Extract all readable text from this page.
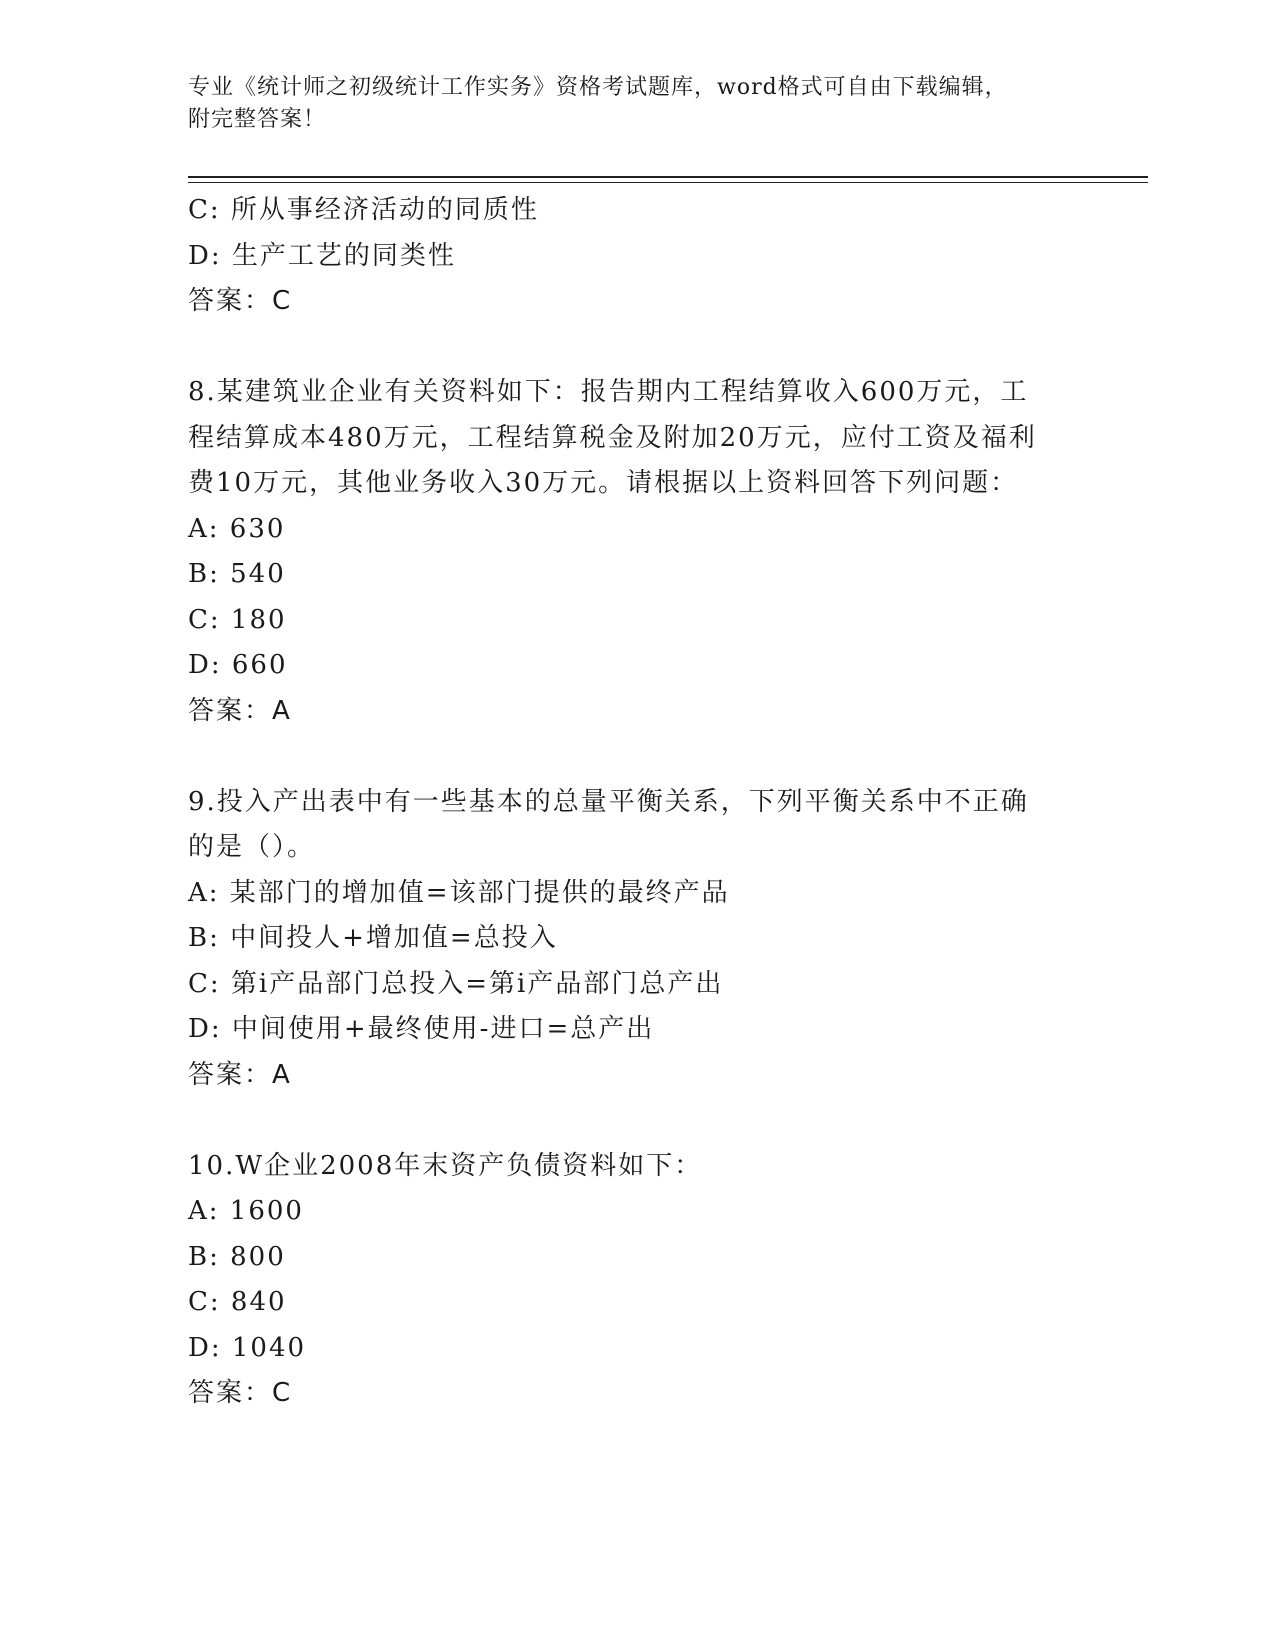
专业《统计师之初级统计工作实务》资格考试题库，word格式可自由下载编辑，
附完整答案！
C: 所从事经济活动的同质性
D: 生产工艺的同类性
答案：C
8.某建筑业企业有关资料如下：报告期内工程结算收入600万元，工
程结算成本480万元，工程结算税金及附加20万元，应付工资及福利
费10万元，其他业务收入30万元。请根据以上资料回答下列问题：
A: 630
B: 540
C: 180
D: 660
答案：A
9.投入产出表中有一些基本的总量平衡关系，下列平衡关系中不正确
的是（）。
A: 某部门的增加值=该部门提供的最终产品
B: 中间投人+增加值=总投入
C: 第i产品部门总投入=第i产品部门总产出
D: 中间使用+最终使用-进口=总产出
答案：A
10.W企业2008年末资产负债资料如下：
A: 1600
B: 800
C: 840
D: 1040
答案：C
